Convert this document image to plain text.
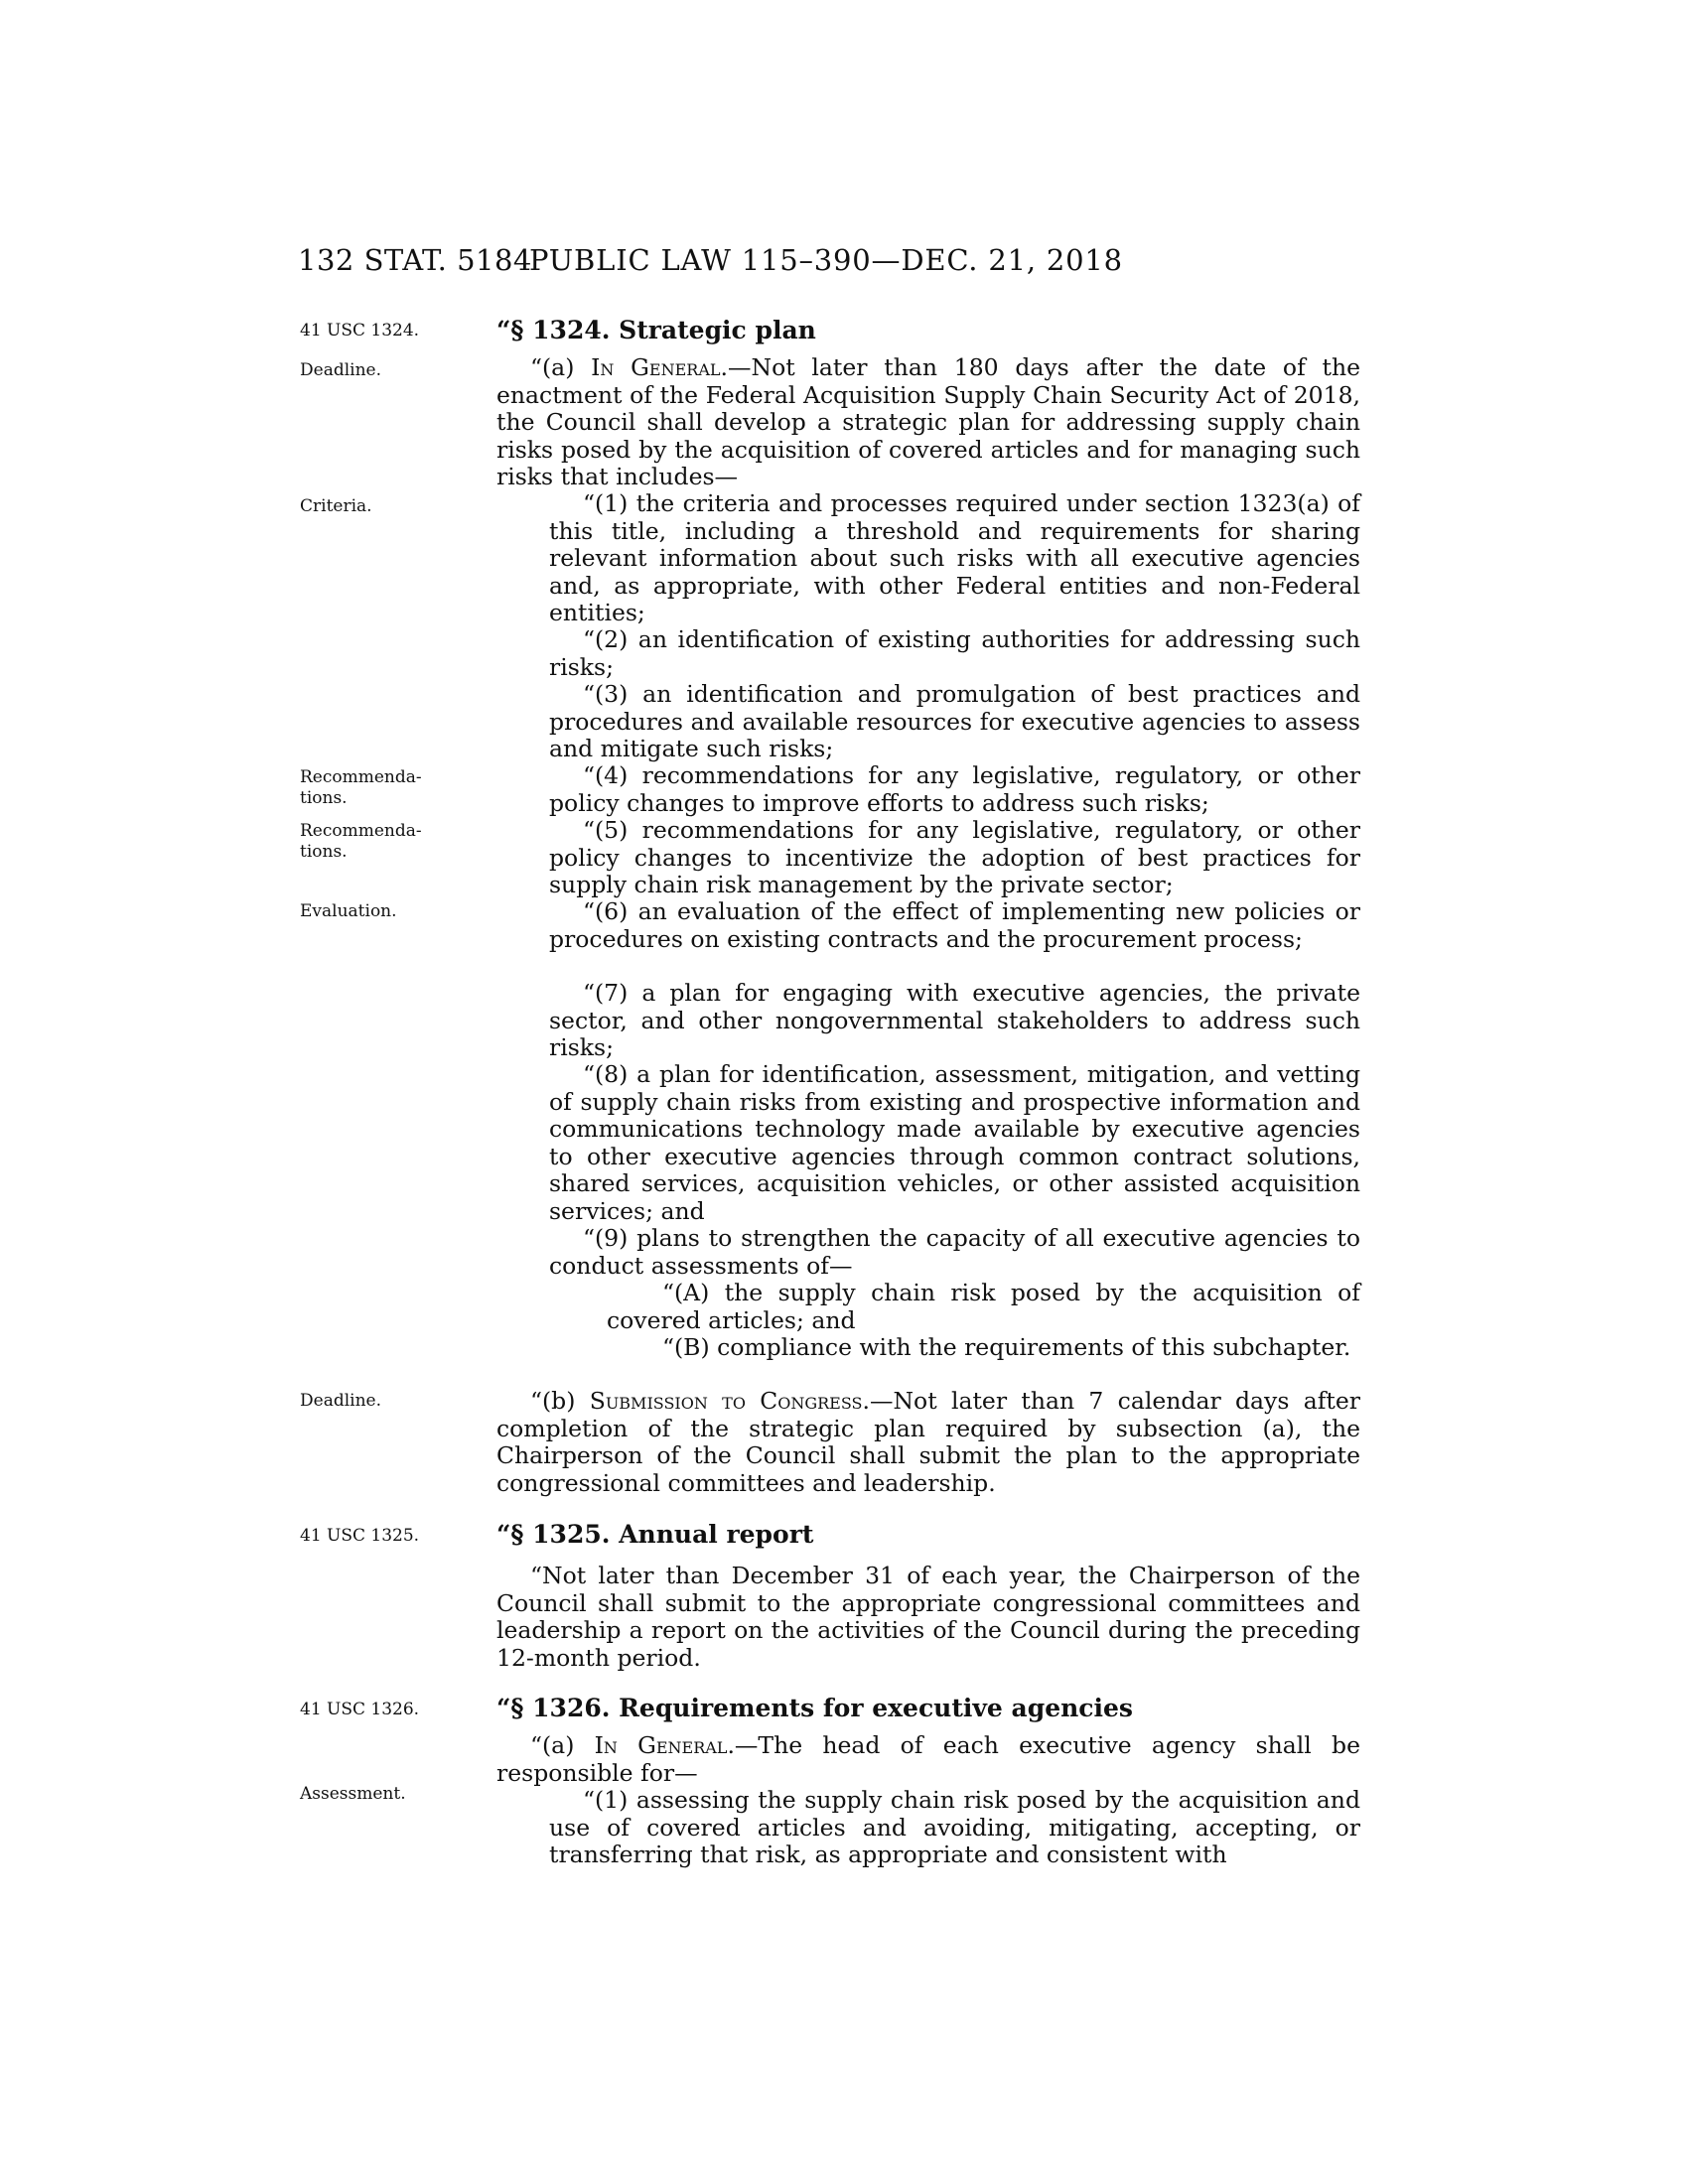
132 STAT. 5184
PUBLIC LAW 115–390—DEC. 21, 2018
41 USC 1324.
Deadline.
Criteria.
Recommenda-
tions.
Recommenda-
tions.
Evaluation.
Deadline.
41 USC 1325.
41 USC 1326.
Assessment.
“§ 1324. Strategic plan
“(a) In General.—Not later than 180 days after the date of the enactment of the Federal Acquisition Supply Chain Security Act of 2018, the Council shall develop a strategic plan for addressing supply chain risks posed by the acquisition of covered articles and for managing such risks that includes—
“(1) the criteria and processes required under section 1323(a) of this title, including a threshold and requirements for sharing relevant information about such risks with all executive agencies and, as appropriate, with other Federal entities and non-Federal entities;
“(2) an identification of existing authorities for addressing such risks;
“(3) an identification and promulgation of best practices and procedures and available resources for executive agencies to assess and mitigate such risks;
“(4) recommendations for any legislative, regulatory, or other policy changes to improve efforts to address such risks;
“(5) recommendations for any legislative, regulatory, or other policy changes to incentivize the adoption of best practices for supply chain risk management by the private sector;
“(6) an evaluation of the effect of implementing new policies or procedures on existing contracts and the procurement process;
“(7) a plan for engaging with executive agencies, the private sector, and other nongovernmental stakeholders to address such risks;
“(8) a plan for identification, assessment, mitigation, and vetting of supply chain risks from existing and prospective information and communications technology made available by executive agencies to other executive agencies through common contract solutions, shared services, acquisition vehicles, or other assisted acquisition services; and
“(9) plans to strengthen the capacity of all executive agencies to conduct assessments of—
“(A) the supply chain risk posed by the acquisition of covered articles; and
“(B) compliance with the requirements of this subchapter.
“(b) Submission to Congress.—Not later than 7 calendar days after completion of the strategic plan required by subsection (a), the Chairperson of the Council shall submit the plan to the appropriate congressional committees and leadership.
“§ 1325. Annual report
“Not later than December 31 of each year, the Chairperson of the Council shall submit to the appropriate congressional committees and leadership a report on the activities of the Council during the preceding 12-month period.
“§ 1326. Requirements for executive agencies
“(a) In General.—The head of each executive agency shall be responsible for—
“(1) assessing the supply chain risk posed by the acquisition and use of covered articles and avoiding, mitigating, accepting, or transferring that risk, as appropriate and consistent with
